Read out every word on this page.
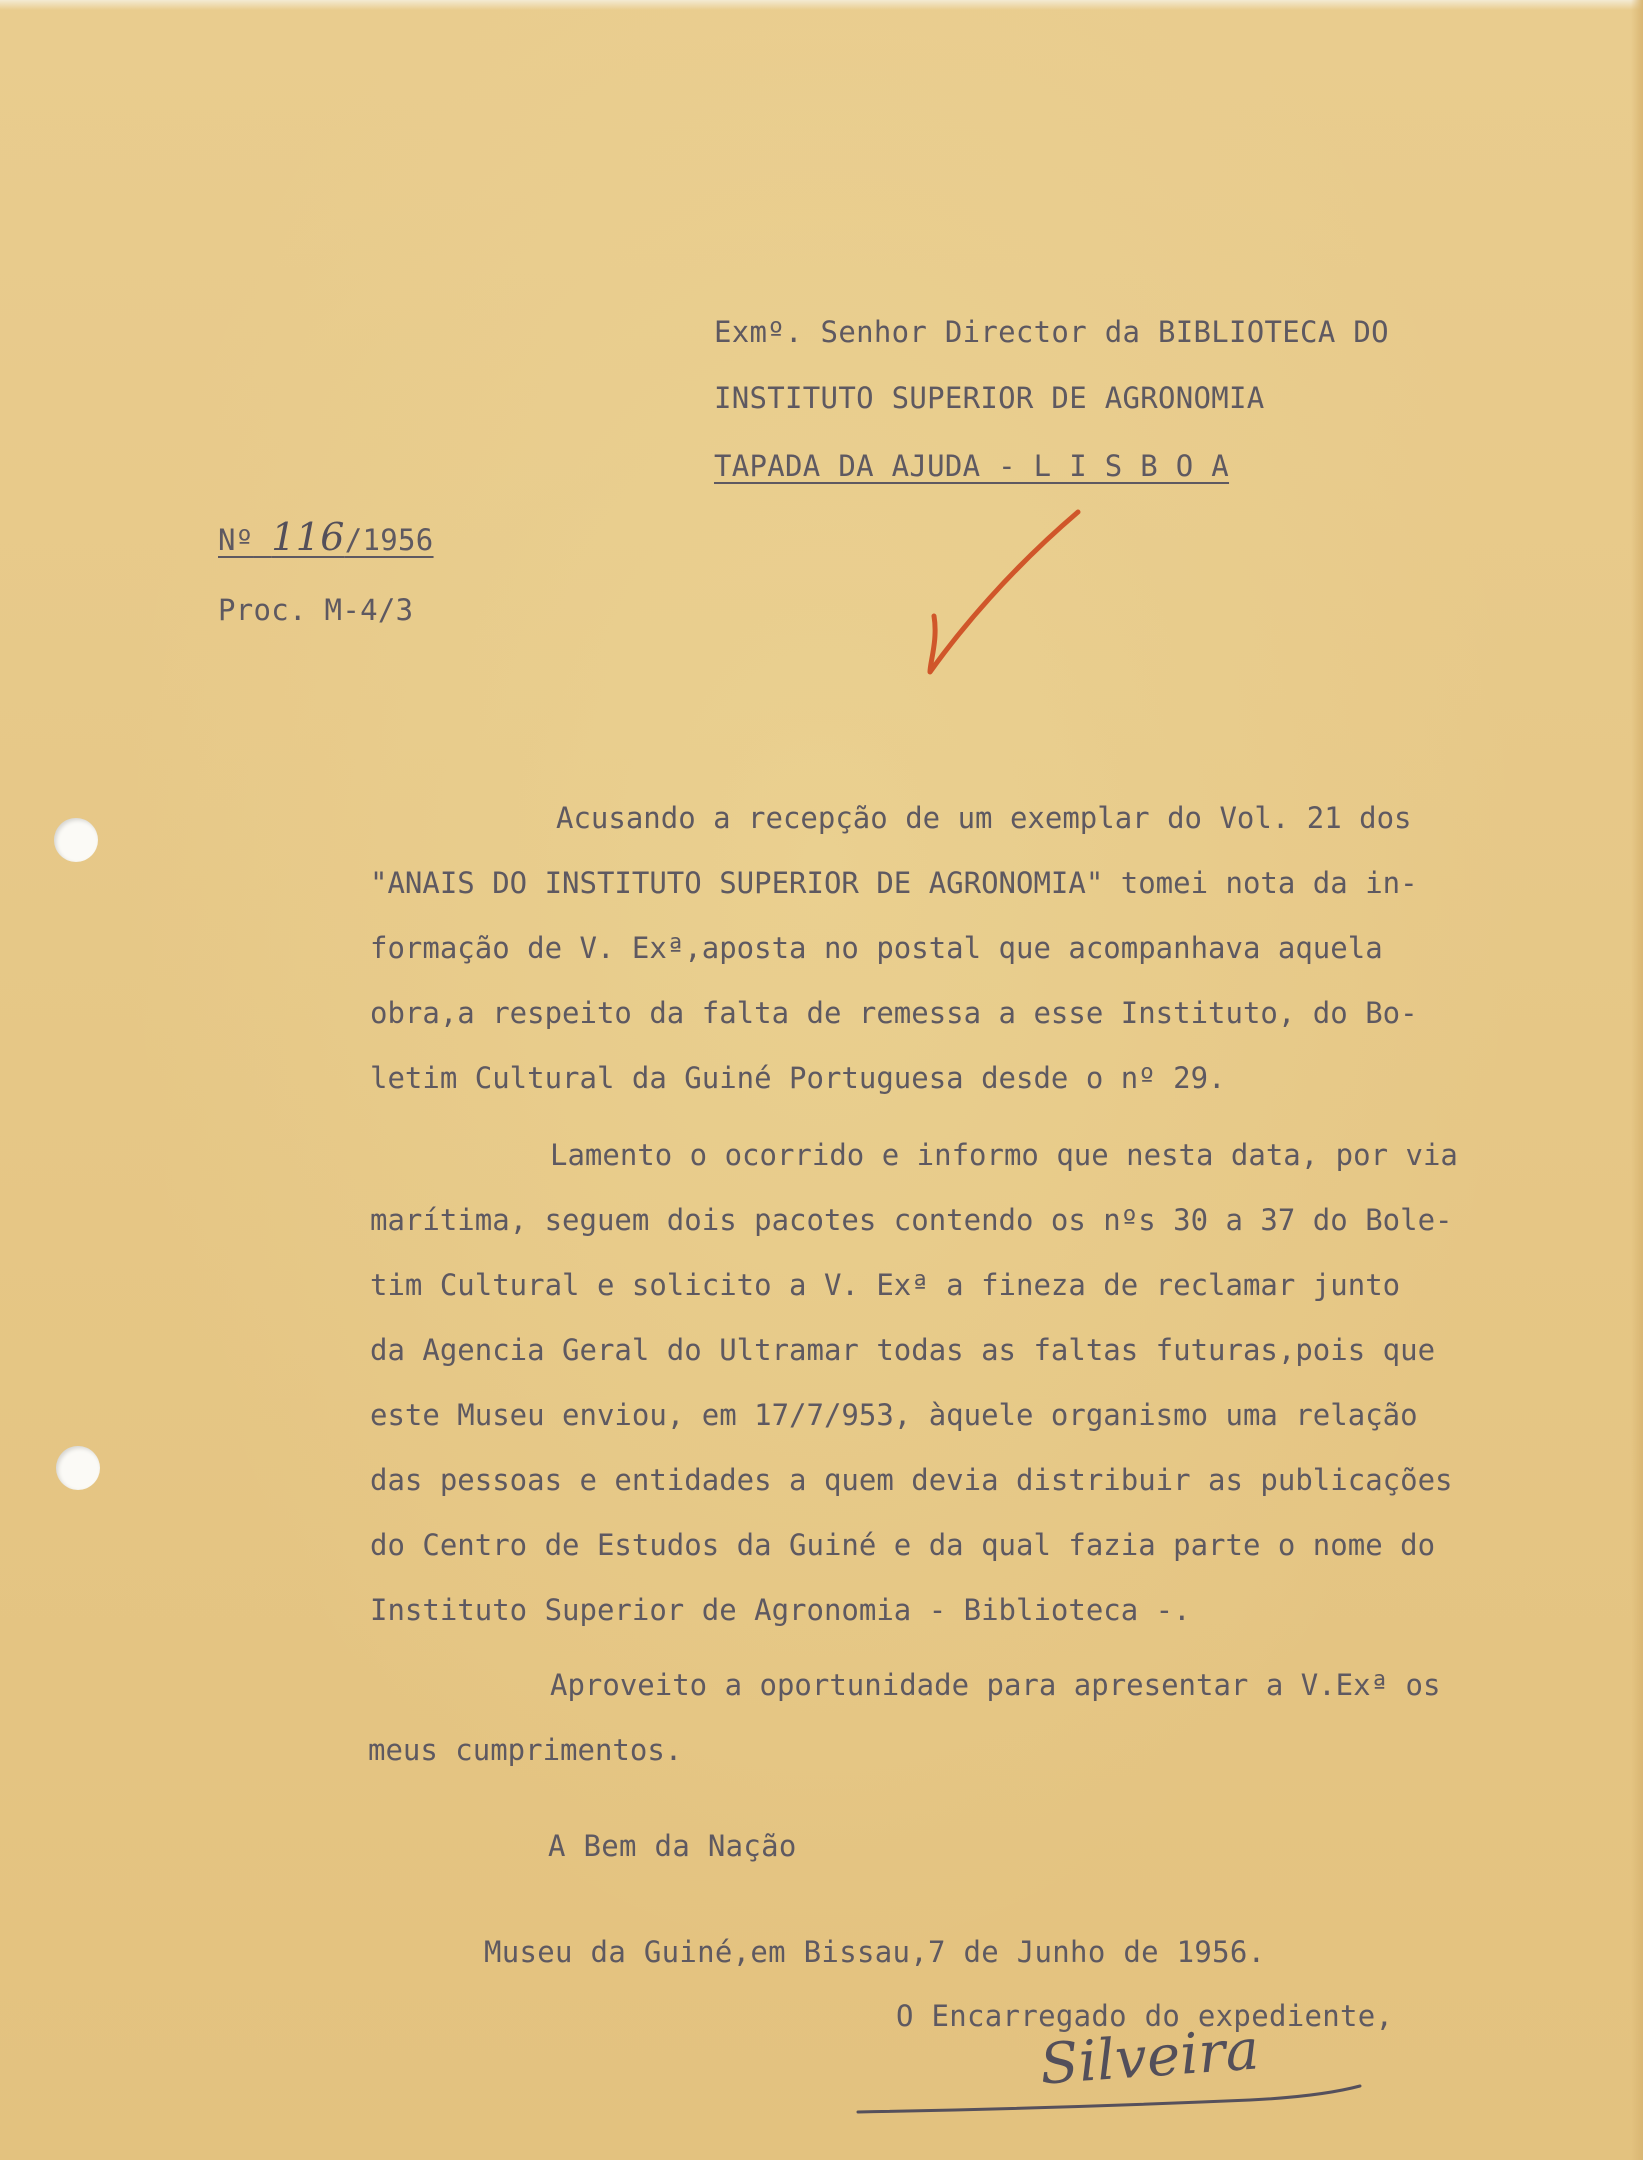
Exmº. Senhor Director da BIBLIOTECA DO
INSTITUTO SUPERIOR DE AGRONOMIA
TAPADA DA AJUDA - L I S B O A
Nº 116/1956
Proc. M-4/3
Acusando a recepção de um exemplar do Vol. 21 dos
"ANAIS DO INSTITUTO SUPERIOR DE AGRONOMIA" tomei nota da in-
formação de V. Exª,aposta no postal que acompanhava aquela
obra,a respeito da falta de remessa a esse Instituto, do Bo-
letim Cultural da Guiné Portuguesa desde o nº 29.
Lamento o ocorrido e informo que nesta data, por via
marítima, seguem dois pacotes contendo os nºs 30 a 37 do Bole-
tim Cultural e solicito a V. Exª a fineza de reclamar junto
da Agencia Geral do Ultramar todas as faltas futuras,pois que
este Museu enviou, em 17/7/953, àquele organismo uma relação
das pessoas e entidades a quem devia distribuir as publicações
do Centro de Estudos da Guiné e da qual fazia parte o nome do
Instituto Superior de Agronomia - Biblioteca -.
Aproveito a oportunidade para apresentar a V.Exª os
meus cumprimentos.
A Bem da Nação
Museu da Guiné,em Bissau,7 de Junho de 1956.
O Encarregado do expediente,
Silveira
